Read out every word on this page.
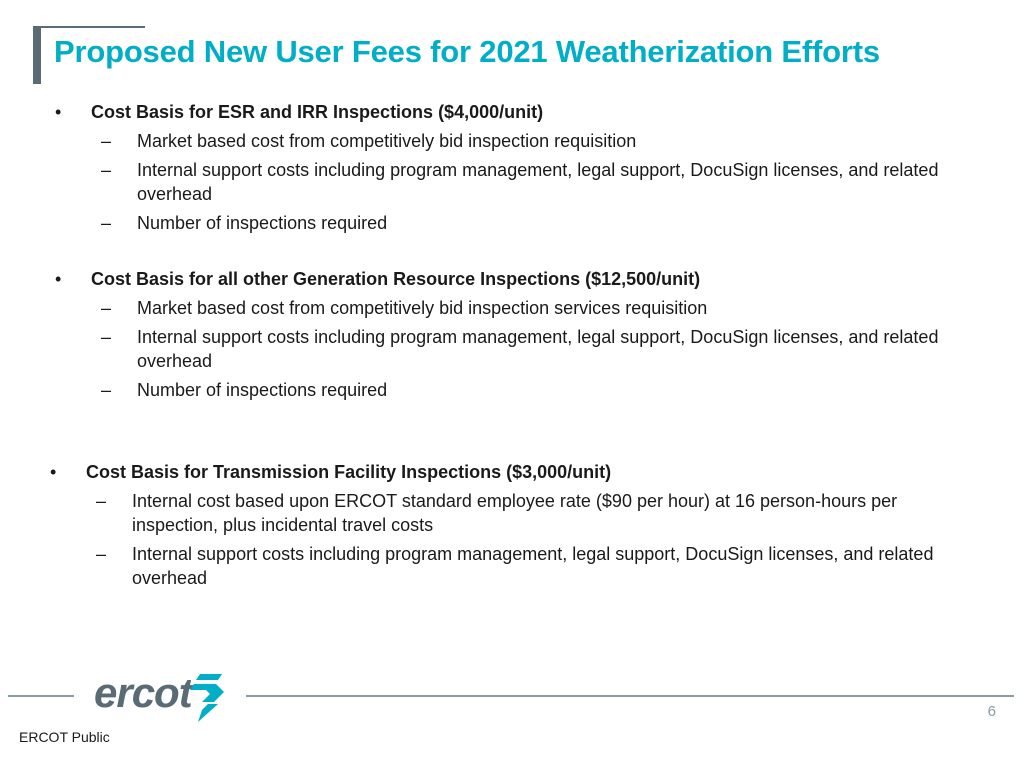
Proposed New User Fees for 2021 Weatherization Efforts
• Cost Basis for ESR and IRR Inspections ($4,000/unit)
– Market based cost from competitively bid inspection requisition
– Internal support costs including program management, legal support, DocuSign licenses, and related overhead
– Number of inspections required
• Cost Basis for all other Generation Resource Inspections ($12,500/unit)
– Market based cost from competitively bid inspection services requisition
– Internal support costs including program management, legal support, DocuSign licenses, and related overhead
– Number of inspections required
• Cost Basis for Transmission Facility Inspections ($3,000/unit)
– Internal cost based upon ERCOT standard employee rate ($90 per hour) at 16 person-hours per inspection, plus incidental travel costs
– Internal support costs including program management, legal support, DocuSign licenses, and related overhead
ercot	6
ERCOT Public
